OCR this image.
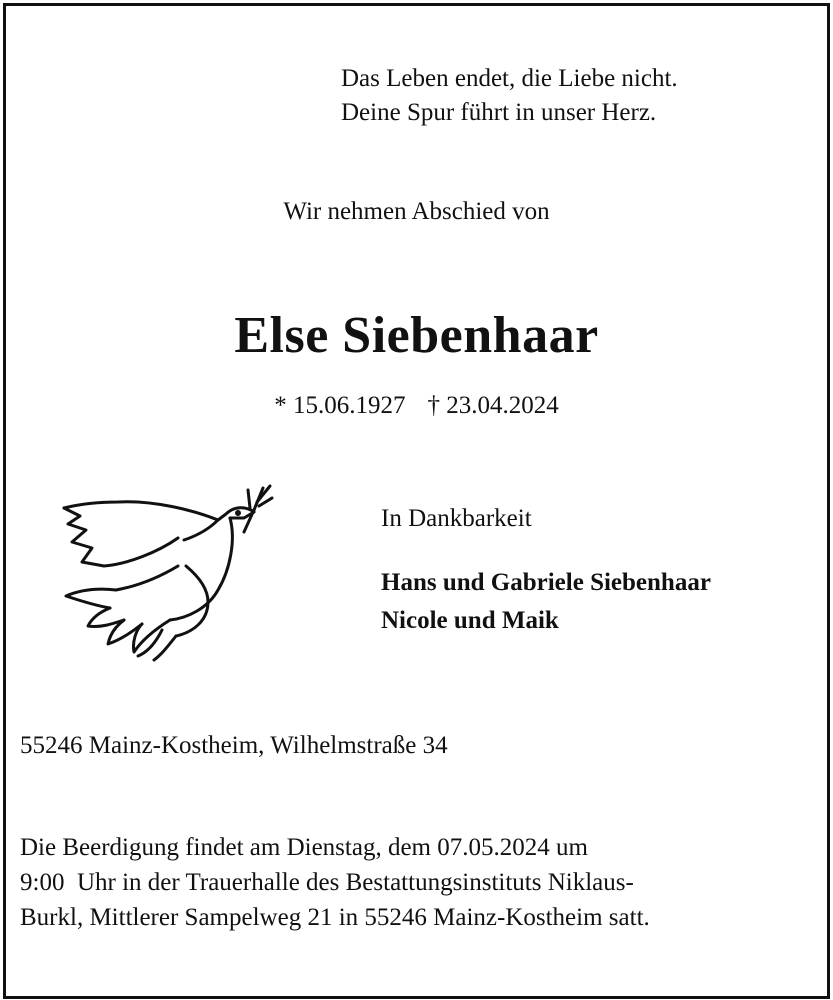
Das Leben endet, die Liebe nicht.
Deine Spur führt in unser Herz.
Wir nehmen Abschied von
Else Siebenhaar
* 15.06.1927 † 23.04.2024
In Dankbarkeit
Hans und Gabriele Siebenhaar
Nicole und Maik
55246 Mainz-Kostheim, Wilhelmstraße 34
Die Beerdigung findet am Dienstag, dem 07.05.2024 um
9:00  Uhr in der Trauerhalle des Bestattungsinstituts Niklaus-
Burkl, Mittlerer Sampelweg 21 in 55246 Mainz-Kostheim satt.
